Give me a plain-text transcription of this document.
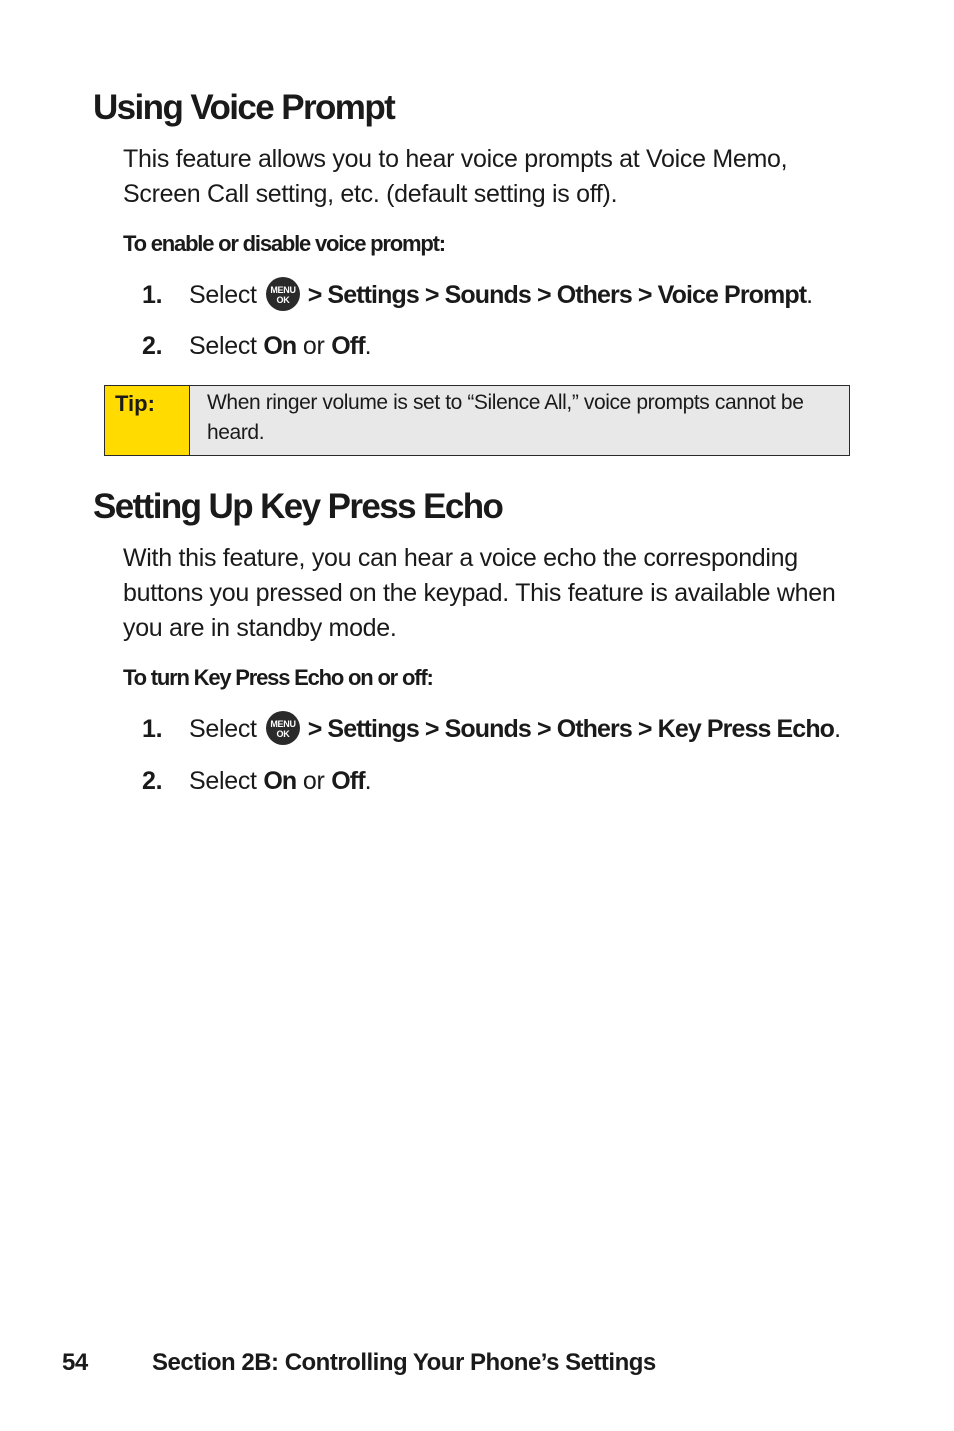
Using Voice Prompt

This feature allows you to hear voice prompts at Voice Memo, Screen Call setting, etc. (default setting is off).

To enable or disable voice prompt:

1. Select MENU
OK > Settings > Sounds > Others > Voice Prompt.
2. Select On or Off.
Tip:	When ringer volume is set to “Silence All,” voice prompts cannot be heard.
Setting Up Key Press Echo

With this feature, you can hear a voice echo the corresponding buttons you pressed on the keypad. This feature is available when you are in standby mode.

To turn Key Press Echo on or off:

1. Select MENU
OK > Settings > Sounds > Others > Key Press Echo.
2. Select On or Off.
54	Section 2B: Controlling Your Phone’s Settings
